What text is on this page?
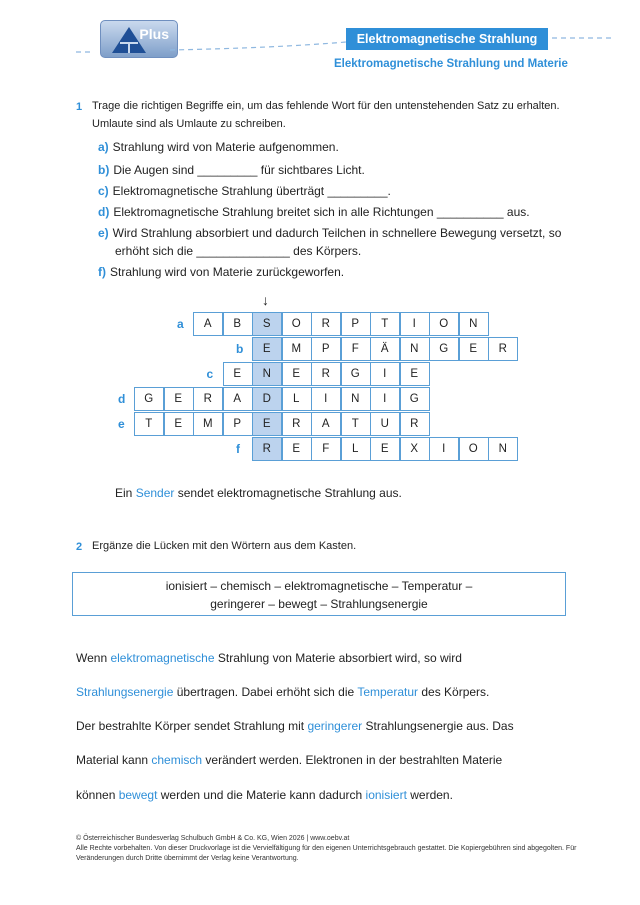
Plus	Elektromagnetische Strahlung
Elektromagnetische Strahlung und Materie
1 Trage die richtigen Begriffe ein, um das fehlende Wort für den untenstehenden Satz zu erhalten.
Umlaute sind als Umlaute zu schreiben.
a) Strahlung wird von Materie aufgenommen.
b) Die Augen sind _________ für sichtbares Licht.
c) Elektromagnetische Strahlung überträgt _________.
d) Elektromagnetische Strahlung breitet sich in alle Richtungen __________ aus.
e) Wird Strahlung absorbiert und dadurch Teilchen in schnellere Bewegung versetzt, so
erhöht sich die ______________ des Körpers.
f) Strahlung wird von Materie zurückgeworfen.
↓
a	A	B	S	O	R	P	T	I	O	N
b	E	M	P	F	Ä	N	G	E	R
c	E	N	E	R	G	I	E
d	G	E	R	A	D	L	I	N	I	G
e	T	E	M	P	E	R	A	T	U	R
f	R	E	F	L	E	X	I	O	N
Ein Sender sendet elektromagnetische Strahlung aus.
2 Ergänze die Lücken mit den Wörtern aus dem Kasten.
ionisiert – chemisch – elektromagnetische – Temperatur –
geringerer – bewegt – Strahlungsenergie
Wenn elektromagnetische Strahlung von Materie absorbiert wird, so wird
Strahlungsenergie übertragen. Dabei erhöht sich die Temperatur des Körpers.
Der bestrahlte Körper sendet Strahlung mit geringerer Strahlungsenergie aus. Das
Material kann chemisch verändert werden. Elektronen in der bestrahlten Materie
können bewegt werden und die Materie kann dadurch ionisiert werden.
© Österreichischer Bundesverlag Schulbuch GmbH & Co. KG, Wien 2026 | www.oebv.at
Alle Rechte vorbehalten. Von dieser Druckvorlage ist die Vervielfältigung für den eigenen Unterrichtsgebrauch gestattet. Die Kopiergebühren sind abgegolten. Für
Veränderungen durch Dritte übernimmt der Verlag keine Verantwortung.
